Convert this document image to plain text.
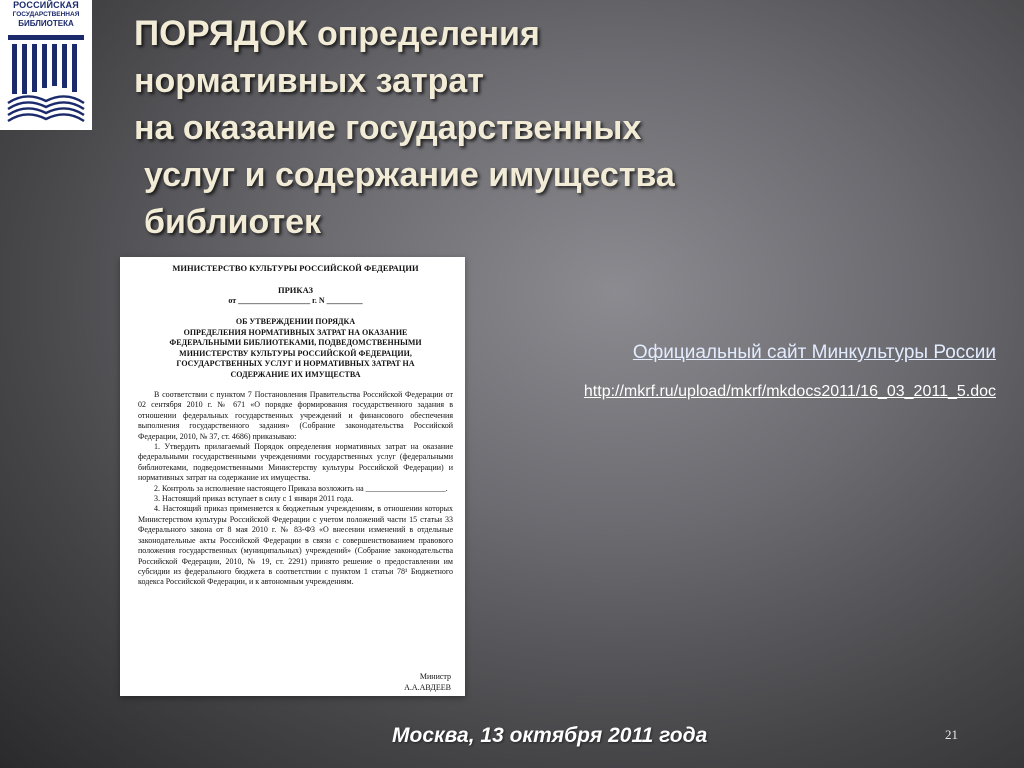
РОССИЙСКАЯ
ГОСУДАРСТВЕННАЯ
БИБЛИОТЕКА	ПОРЯДОК определения
нормативных затрат
на оказание государственных
услуг и содержание имущества
библиотек
МИНИСТЕРСТВО КУЛЬТУРЫ РОССИЙСКОЙ ФЕДЕРАЦИИ
ПРИКАЗ
от __________________ г. N _________
ОБ УТВЕРЖДЕНИИ ПОРЯДКА
ОПРЕДЕЛЕНИЯ НОРМАТИВНЫХ ЗАТРАТ НА ОКАЗАНИЕ
ФЕДЕРАЛЬНЫМИ БИБЛИОТЕКАМИ, ПОДВЕДОМСТВЕННЫМИ
МИНИСТЕРСТВУ КУЛЬТУРЫ РОССИЙСКОЙ ФЕДЕРАЦИИ,
ГОСУДАРСТВЕННЫХ УСЛУГ И НОРМАТИВНЫХ ЗАТРАТ НА
СОДЕРЖАНИЕ ИХ ИМУЩЕСТВА

В соответствии с пунктом 7 Постановления Правительства Российской Федерации от 02 сентября 2010 г. № 671 «О порядке формирования государственного задания в отношении федеральных государственных учреждений и финансового обеспечения выполнения государственного задания» (Собрание законодательства Российской Федерации, 2010, № 37, ст. 4686) приказываю:

1. Утвердить прилагаемый Порядок определения нормативных затрат на оказание федеральными государственными учреждениями государственных услуг (федеральными библиотеками, подведомственными Министерству культуры Российской Федерации) и нормативных затрат на содержание их имущества.

2. Контроль за исполнение настоящего Приказа возложить на ____________________.

3. Настоящий приказ вступает в силу с 1 января 2011 года.

4. Настоящий приказ применяется к бюджетным учреждениям, в отношении которых Министерством культуры Российской Федерации с учетом положений части 15 статьи 33 Федерального закона от 8 мая 2010 г. № 83-ФЗ «О внесении изменений в отдельные законодательные акты Российской Федерации в связи с совершенствованием правового положения государственных (муниципальных) учреждений» (Собрание законодательства Российской Федерации, 2010, № 19, ст. 2291) принято решение о предоставлении им субсидии из федерального бюджета в соответствии с пунктом 1 статьи 78¹ Бюджетного кодекса Российской Федерации, и к автономным учреждениям.

Министр
А.А.АВДЕЕВ
Официальный сайт Минкультуры России
http://mkrf.ru/upload/mkrf/mkdocs2011/16_03_2011_5.doc
Москва, 13 октября 2011 года	21
